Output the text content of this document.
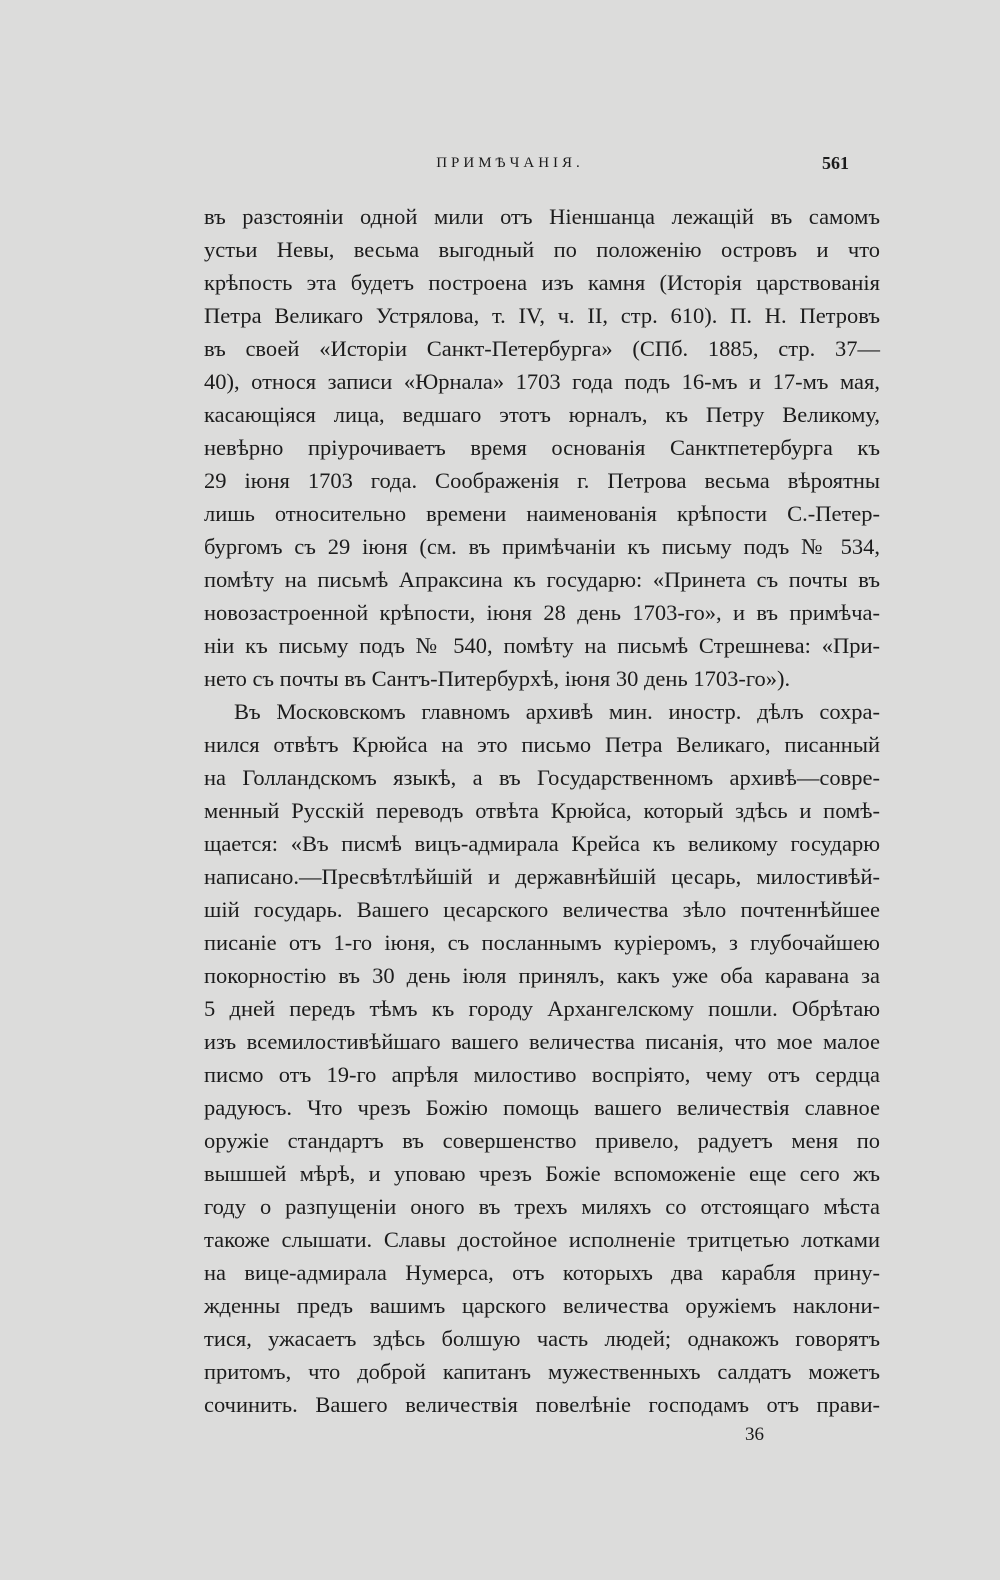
ПРИМѢЧАНІЯ.	561
въ разстояніи одной мили отъ Ніеншанца лежащій въ самомъ
устьи Невы, весьма выгодный по положенію островъ и что
крѣпость эта будетъ построена изъ камня (Исторія царствованія
Петра Великаго Устрялова, т. IV, ч. II, стр. 610). П. Н. Петровъ
въ своей «Исторіи Санкт-Петербурга» (СПб. 1885, стр. 37—
40), относя записи «Юрнала» 1703 года подъ 16-мъ и 17-мъ мая,
касающіяся лица, ведшаго этотъ юрналъ, къ Петру Великому,
невѣрно пріурочиваетъ время основанія Санктпетербурга къ
29 іюня 1703 года. Соображенія г. Петрова весьма вѣроятны
лишь относительно времени наименованія крѣпости С.-Петер-
бургомъ съ 29 іюня (см. въ примѣчаніи къ письму подъ № 534,
помѣту на письмѣ Апраксина къ государю: «Принета съ почты въ
новозастроенной крѣпости, іюня 28 день 1703-го», и въ примѣча-
ніи къ письму подъ № 540, помѣту на письмѣ Стрешнева: «При-
нето съ почты въ Сантъ-Питербурхѣ, іюня 30 день 1703-го»).
Въ Московскомъ главномъ архивѣ мин. иностр. дѣлъ сохра-
нился отвѣтъ Крюйса на это письмо Петра Великаго, писанный
на Голландскомъ языкѣ, а въ Государственномъ архивѣ—совре-
менный Русскій переводъ отвѣта Крюйса, который здѣсь и помѣ-
щается: «Въ писмѣ вицъ-адмирала Крейса къ великому государю
написано.—Пресвѣтлѣйшій и державнѣйшій цесарь, милостивѣй-
шій государь. Вашего цесарского величества зѣло почтеннѣйшее
писаніе отъ 1-го іюня, съ посланнымъ куріеромъ, з глубочайшею
покорностію въ 30 день іюля принялъ, какъ уже оба каравана за
5 дней передъ тѣмъ къ городу Архангелскому пошли. Обрѣтаю
изъ всемилостивѣйшаго вашего величества писанія, что мое малое
писмо отъ 19-го апрѣля милостиво воспріято, чему отъ сердца
радуюсъ. Что чрезъ Божію помощь вашего величествія славное
оружіе стандартъ въ совершенство привело, радуетъ меня по
вышшей мѣрѣ, и уповаю чрезъ Божіе вспоможеніе еще сего жъ
году о разпущеніи оного въ трехъ миляхъ со отстоящаго мѣста
такоже слышати. Славы достойное исполненіе тритцетью лотками
на вице-адмирала Нумерса, отъ которыхъ два карабля прину-
жденны предъ вашимъ царского величества оружіемъ наклони-
тися, ужасаетъ здѣсь болшую часть людей; однакожъ говорятъ
притомъ, что доброй капитанъ мужественныхъ салдатъ можетъ
сочинить. Вашего величествія повелѣніе господамъ отъ прави-
36
